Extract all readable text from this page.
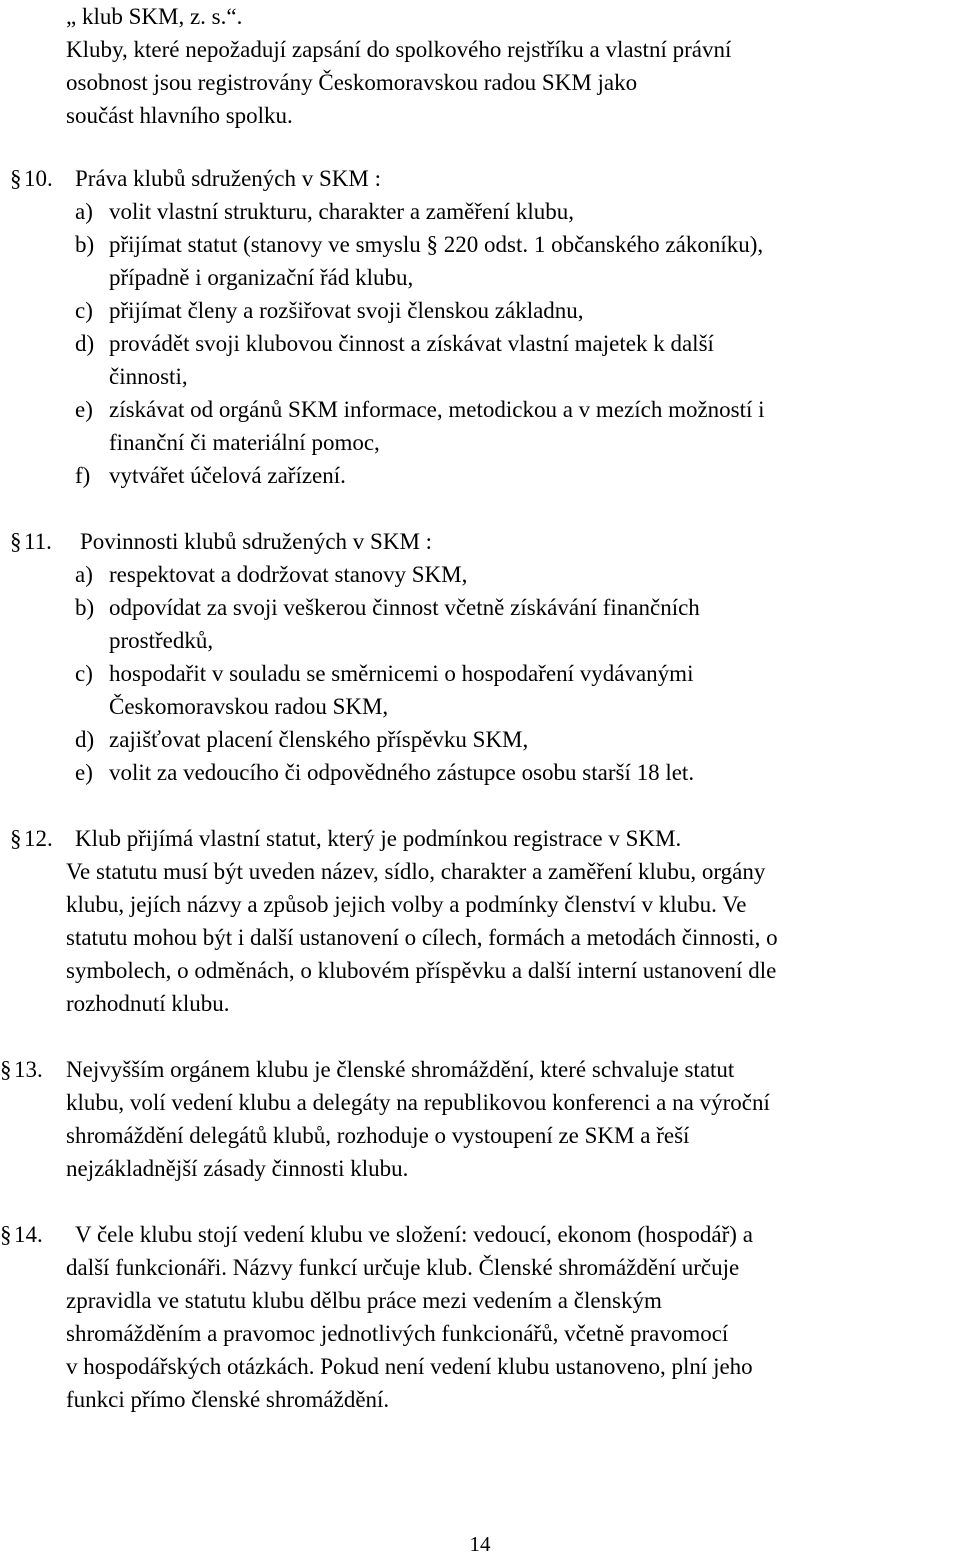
„ klub SKM, z. s.“.
Kluby, které nepožadují zapsání do spolkového rejstříku a vlastní právní
osobnost jsou registrovány Českomoravskou radou SKM jako
součást hlavního spolku.
§ 10. Práva klubů sdružených v SKM :
a) volit vlastní strukturu, charakter a zaměření klubu,
b) přijímat statut (stanovy ve smyslu § 220 odst. 1 občanského zákoníku),
případně i organizační řád klubu,
c) přijímat členy a rozšiřovat svoji členskou základnu,
d) provádět svoji klubovou činnost a získávat vlastní majetek k další
činnosti,
e) získávat od orgánů SKM informace, metodickou a v mezích možností i
finanční či materiální pomoc,
f) vytvářet účelová zařízení.
§ 11. Povinnosti klubů sdružených v SKM :
a) respektovat a dodržovat stanovy SKM,
b) odpovídat za svoji veškerou činnost včetně získávání finančních
prostředků,
c) hospodařit v souladu se směrnicemi o hospodaření vydávanými
Českomoravskou radou SKM,
d) zajišťovat placení členského příspěvku SKM,
e) volit za vedoucího či odpovědného zástupce osobu starší 18 let.
§ 12. Klub přijímá vlastní statut, který je podmínkou registrace v SKM.
Ve statutu musí být uveden název, sídlo, charakter a zaměření klubu, orgány
klubu, jejích názvy a způsob jejich volby a podmínky členství v klubu. Ve
statutu mohou být i další ustanovení o cílech, formách a metodách činnosti, o
symbolech, o odměnách, o klubovém příspěvku a další interní ustanovení dle
rozhodnutí klubu.
§ 13. Nejvyšším orgánem klubu je členské shromáždění, které schvaluje statut
klubu, volí vedení klubu a delegáty na republikovou konferenci a na výroční
shromáždění delegátů klubů, rozhoduje o vystoupení ze SKM a řeší
nejzákladnější zásady činnosti klubu.
§ 14. V čele klubu stojí vedení klubu ve složení: vedoucí, ekonom (hospodář) a
další funkcionáři. Názvy funkcí určuje klub. Členské shromáždění určuje
zpravidla ve statutu klubu dělbu práce mezi vedením a členským
shromážděním a pravomoc jednotlivých funkcionářů, včetně pravomocí
v hospodářských otázkách. Pokud není vedení klubu ustanoveno, plní jeho
funkci přímo členské shromáždění.
14
